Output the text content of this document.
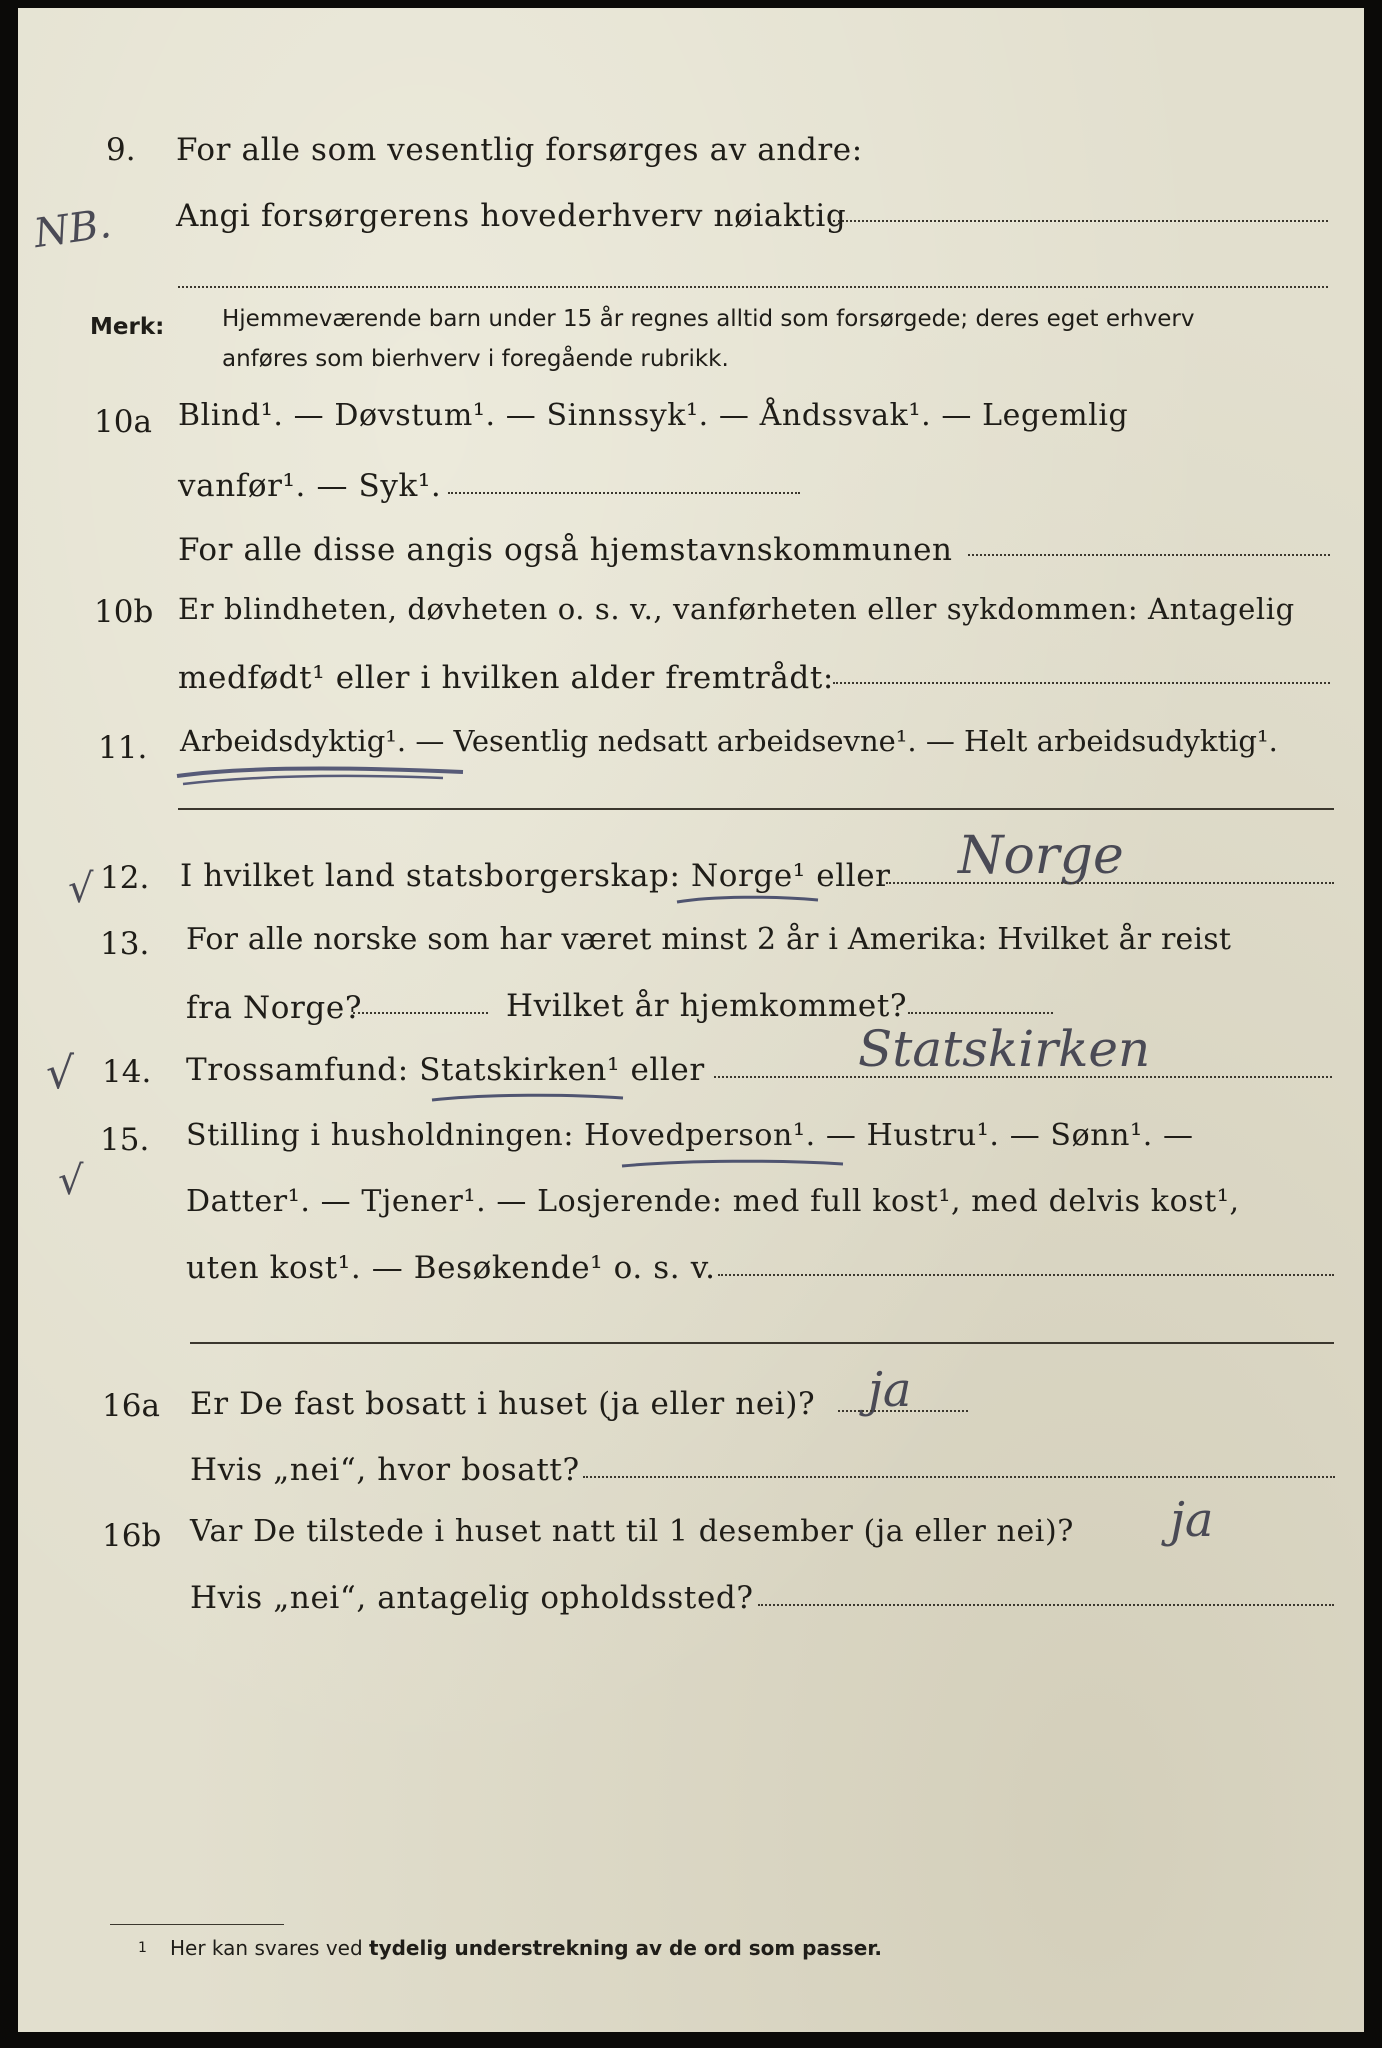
NB.
√
√
√
9. For alle som vesentlig forsørges av andre:
Angi forsørgerens hovederhverv nøiaktig
Merk:	Hjemmeværende barn under 15 år regnes alltid som forsørgede; deres eget erhverv
anføres som bierhverv i foregående rubrikk.
10a Blind¹. — Døvstum¹. — Sinnssyk¹. — Åndssvak¹. — Legemlig
vanfør¹. — Syk¹.
For alle disse angis også hjemstavnskommunen
10b Er blindheten, døvheten o. s. v., vanførheten eller sykdommen: Antagelig
medfødt¹ eller i hvilken alder fremtrådt:
11. Arbeidsdyktig¹. — Vesentlig nedsatt arbeidsevne¹. — Helt arbeidsudyktig¹.
12. I hvilket land statsborgerskap: Norge¹ eller Norge
13. For alle norske som har været minst 2 år i Amerika: Hvilket år reist
fra Norge?	Hvilket år hjemkommet?
14. Trossamfund: Statskirken¹ eller	Statskirken
15. Stilling i husholdningen: Hovedperson¹. — Hustru¹. — Sønn¹. —
Datter¹. — Tjener¹. — Losjerende: med full kost¹, med delvis kost¹,
uten kost¹. — Besøkende¹ o. s. v.
16a Er De fast bosatt i huset (ja eller nei)? ja
Hvis „nei“, hvor bosatt?
16b Var De tilstede i huset natt til 1 desember (ja eller nei)? ja
Hvis „nei“, antagelig opholdssted?
1 Her kan svares ved tydelig understrekning av de ord som passer.
